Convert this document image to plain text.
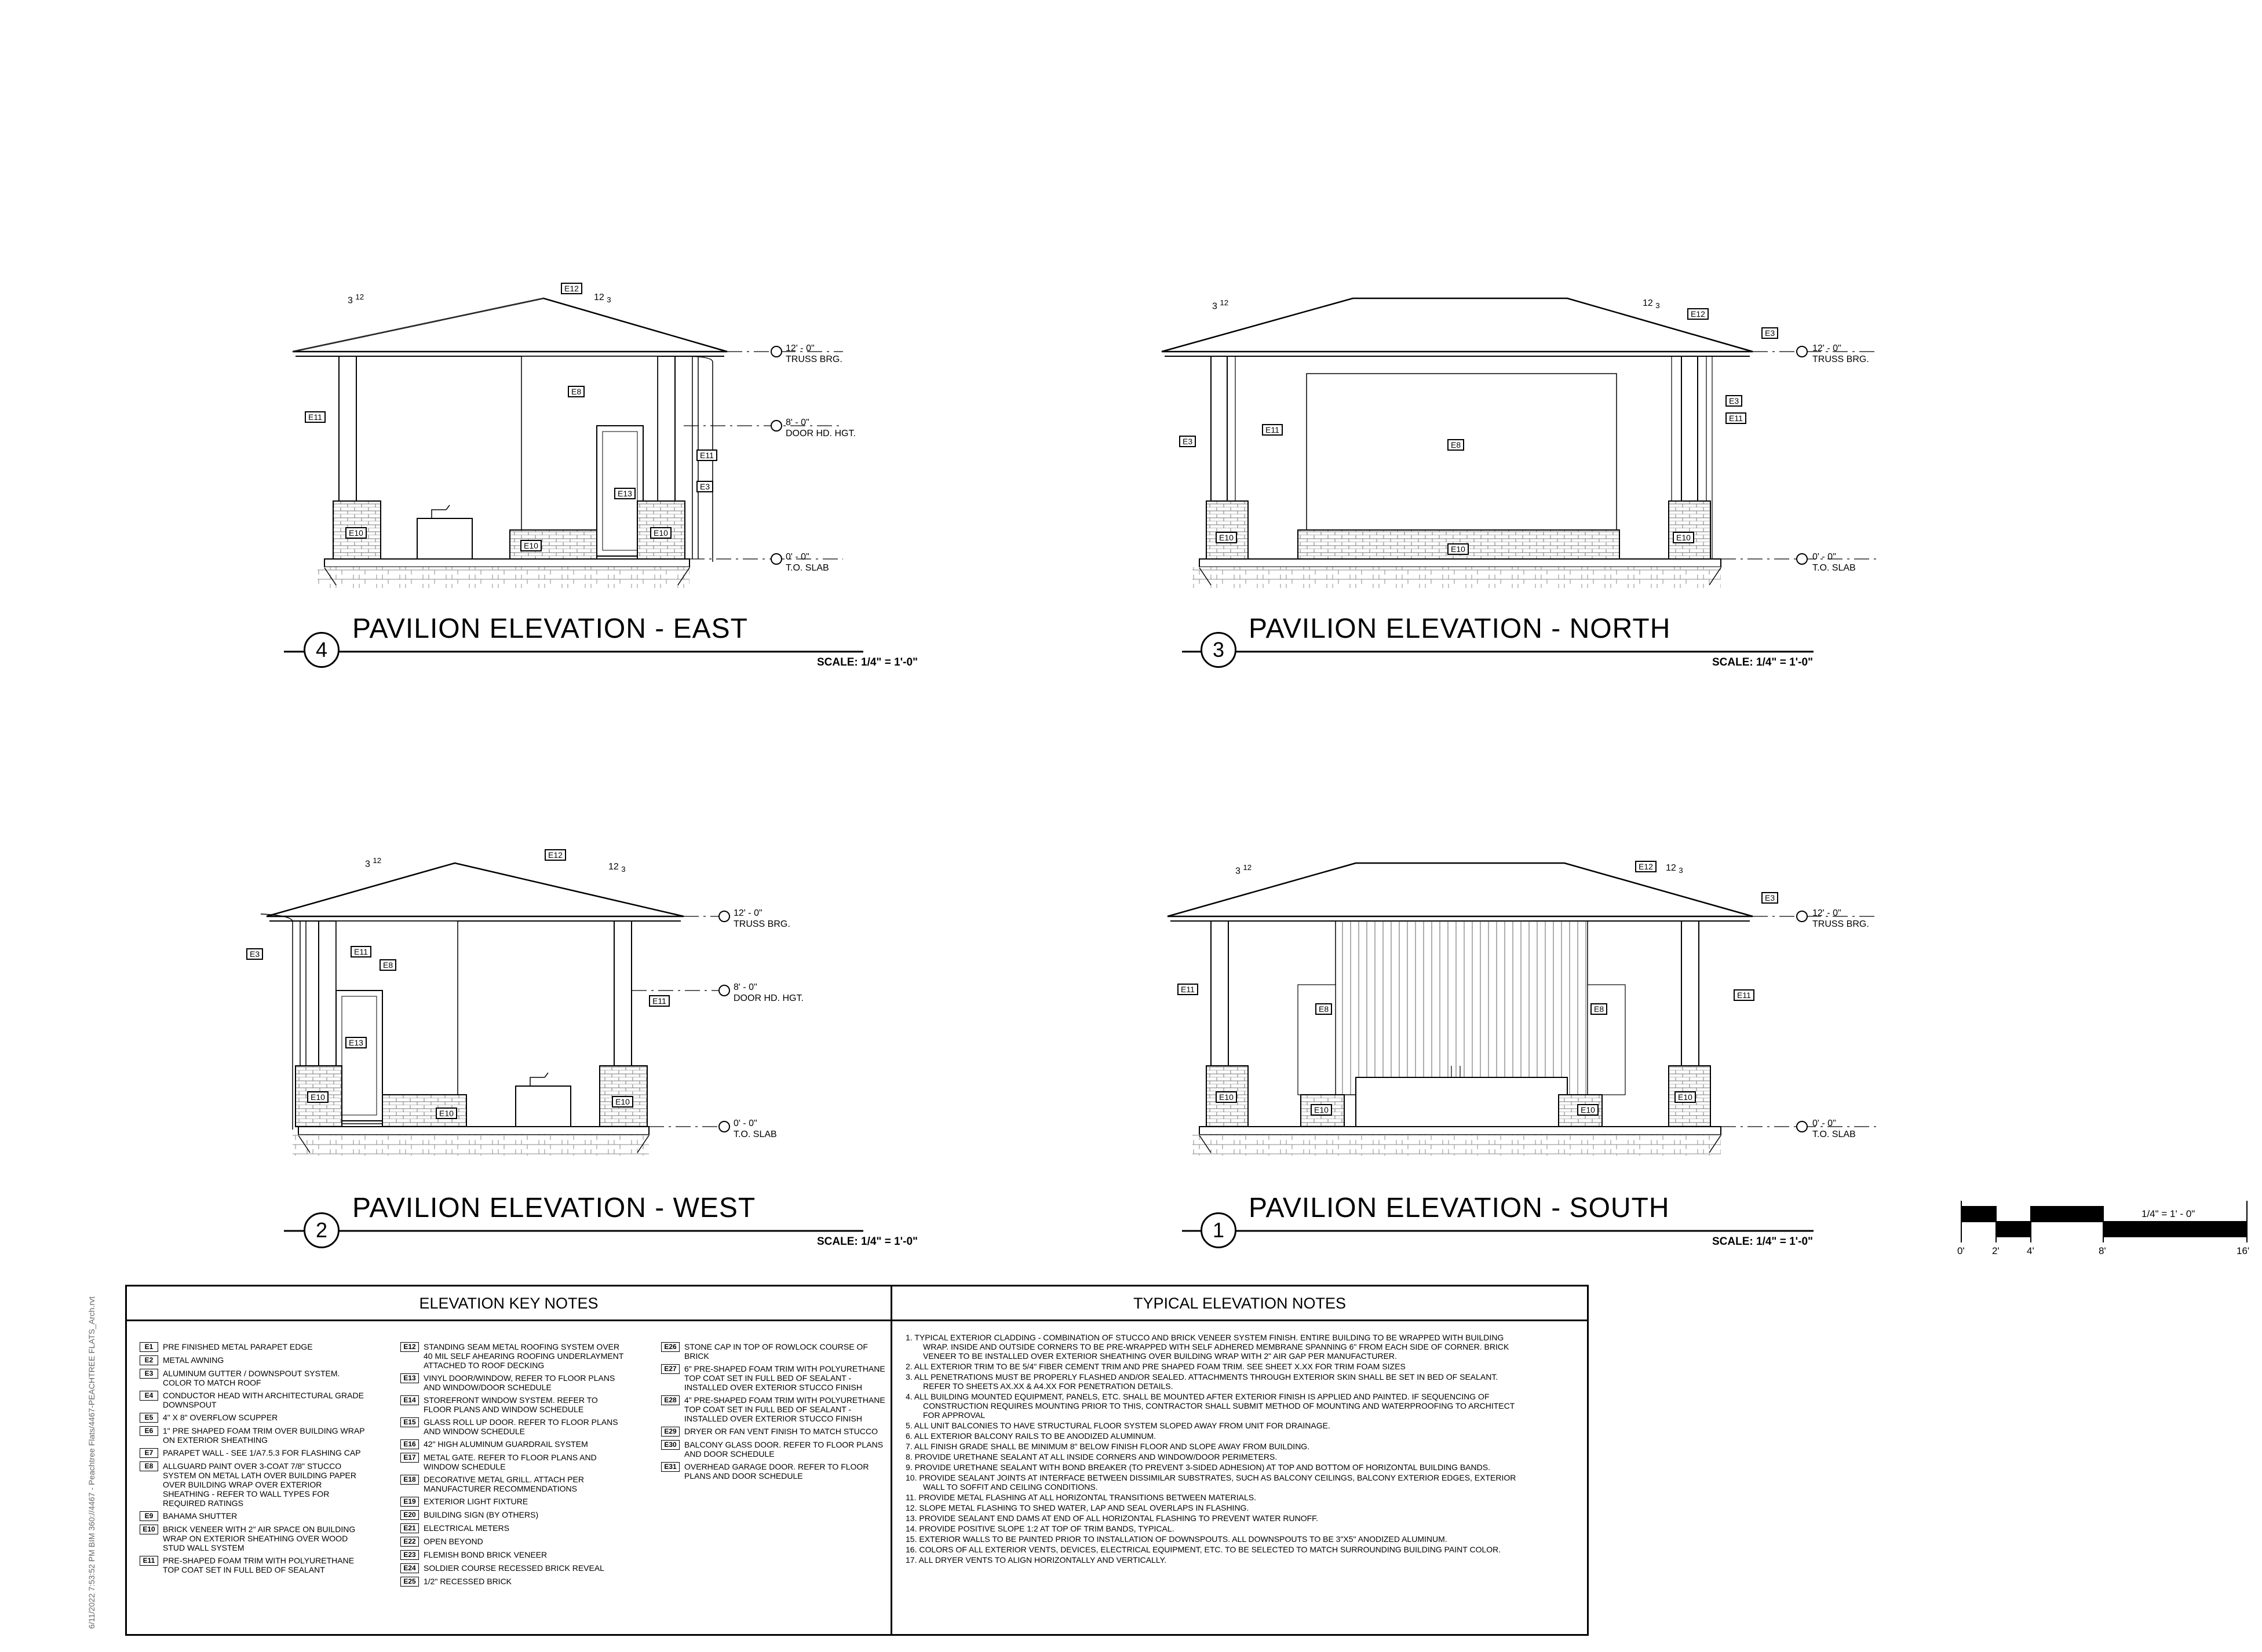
4
PAVILION ELEVATION - EAST
SCALE: 1/4" = 1'-0"
3
PAVILION ELEVATION - NORTH
SCALE: 1/4" = 1'-0"
2
PAVILION ELEVATION - WEST
SCALE: 1/4" = 1'-0"	1
PAVILION ELEVATION - SOUTH
SCALE: 1/4" = 1'-0"
12' - 0"
TRUSS BRG.
8' - 0"
DOOR HD. HGT.
0' - 0"
T.O. SLAB
12' - 0"
TRUSS BRG.
0' - 0"
T.O. SLAB
12' - 0"
TRUSS BRG.
8' - 0"
DOOR HD. HGT.
0' - 0"
T.O. SLAB
12' - 0"
TRUSS BRG.
0' - 0"
T.O. SLAB
3 $^{12}$	12 $_3$
3 $^{12}$	12 $_3$
3 $^{12}$
12 $_3$	3 $^{12}$	12 $_3$
E12
E11
E8
E11
E3
E13
E10
E10
E10
E12
E3
E11
E3
E3
E11
E8
E10
E10
E10
E12
E3	E11
E8
E11
E13
E10
E10
E10
E12
E3
E11
E11
E8	E8
E10
E10	E10
E10
1/4" = 1' - 0"
0'	2'	4'	8'	16'
6/11/2022 7:53:52 PM BIM 360://4467 - Peachtree Flats/4467-PEACHTREE FLATS_Arch.rvt	ELEVATION KEY NOTES	TYPICAL ELEVATION NOTES
E1	PRE FINISHED METAL PARAPET EDGE
E2	METAL AWNING
E3	ALUMINUM GUTTER / DOWNSPOUT SYSTEM. COLOR TO MATCH ROOF
E4	CONDUCTOR HEAD WITH ARCHITECTURAL GRADE DOWNSPOUT
E5	4" X 8" OVERFLOW SCUPPER
E6	1" PRE SHAPED FOAM TRIM OVER BUILDING WRAP ON EXTERIOR SHEATHING
E7	PARAPET WALL - SEE 1/A7.5.3 FOR FLASHING CAP
E8	ALLGUARD PAINT OVER 3-COAT 7/8" STUCCO SYSTEM ON METAL LATH OVER BUILDING PAPER OVER BUILDING WRAP OVER EXTERIOR SHEATHING - REFER TO WALL TYPES FOR REQUIRED RATINGS
E9	BAHAMA SHUTTER
E10 BRICK VENEER WITH 2" AIR SPACE ON BUILDING WRAP ON EXTERIOR SHEATHING OVER WOOD STUD WALL SYSTEM
E11 PRE-SHAPED FOAM TRIM WITH POLYURETHANE TOP COAT SET IN FULL BED OF SEALANT
E12 STANDING SEAM METAL ROOFING SYSTEM OVER 40 MIL SELF AHEARING ROOFING UNDERLAYMENT ATTACHED TO ROOF DECKING
E13 VINYL DOOR/WINDOW, REFER TO FLOOR PLANS AND WINDOW/DOOR SCHEDULE
E14 STOREFRONT WINDOW SYSTEM. REFER TO FLOOR PLANS AND WINDOW SCHEDULE
E15 GLASS ROLL UP DOOR. REFER TO FLOOR PLANS AND WINDOW SCHEDULE
E16 42" HIGH ALUMINUM GUARDRAIL SYSTEM
E17 METAL GATE. REFER TO FLOOR PLANS AND WINDOW SCHEDULE
E18 DECORATIVE METAL GRILL. ATTACH PER MANUFACTURER RECOMMENDATIONS
E19 EXTERIOR LIGHT FIXTURE
E20 BUILDING SIGN (BY OTHERS)
E21 ELECTRICAL METERS
E22 OPEN BEYOND
E23 FLEMISH BOND BRICK VENEER
E24 SOLDIER COURSE RECESSED BRICK REVEAL
E25 1/2" RECESSED BRICK
E26 STONE CAP IN TOP OF ROWLOCK COURSE OF BRICK
E27 6" PRE-SHAPED FOAM TRIM WITH POLYURETHANE TOP COAT SET IN FULL BED OF SEALANT - INSTALLED OVER EXTERIOR STUCCO FINISH
E28 4" PRE-SHAPED FOAM TRIM WITH POLYURETHANE TOP COAT SET IN FULL BED OF SEALANT - INSTALLED OVER EXTERIOR STUCCO FINISH
E29 DRYER OR FAN VENT FINISH TO MATCH STUCCO
E30 BALCONY GLASS DOOR. REFER TO FLOOR PLANS AND DOOR SCHEDULE
E31 OVERHEAD GARAGE DOOR. REFER TO FLOOR PLANS AND DOOR SCHEDULE
1. TYPICAL EXTERIOR CLADDING - COMBINATION OF STUCCO AND BRICK VENEER SYSTEM FINISH. ENTIRE BUILDING TO BE WRAPPED WITH BUILDING WRAP. INSIDE AND OUTSIDE CORNERS TO BE PRE-WRAPPED WITH SELF ADHERED MEMBRANE SPANNING 6" FROM EACH SIDE OF CORNER. BRICK VENEER TO BE INSTALLED OVER EXTERIOR SHEATHING OVER BUILDING WRAP WITH 2" AIR GAP PER MANUFACTURER.
2. ALL EXTERIOR TRIM TO BE 5/4" FIBER CEMENT TRIM AND PRE SHAPED FOAM TRIM. SEE SHEET X.XX FOR TRIM FOAM SIZES
3. ALL PENETRATIONS MUST BE PROPERLY FLASHED AND/OR SEALED. ATTACHMENTS THROUGH EXTERIOR SKIN SHALL BE SET IN BED OF SEALANT. REFER TO SHEETS AX.XX & A4.XX FOR PENETRATION DETAILS.
4. ALL BUILDING MOUNTED EQUIPMENT, PANELS, ETC. SHALL BE MOUNTED AFTER EXTERIOR FINISH IS APPLIED AND PAINTED. IF SEQUENCING OF CONSTRUCTION REQUIRES MOUNTING PRIOR TO THIS, CONTRACTOR SHALL SUBMIT METHOD OF MOUNTING AND WATERPROOFING TO ARCHITECT FOR APPROVAL
5. ALL UNIT BALCONIES TO HAVE STRUCTURAL FLOOR SYSTEM SLOPED AWAY FROM UNIT FOR DRAINAGE.
6. ALL EXTERIOR BALCONY RAILS TO BE ANODIZED ALUMINUM.
7. ALL FINISH GRADE SHALL BE MINIMUM 8" BELOW FINISH FLOOR AND SLOPE AWAY FROM BUILDING.
8. PROVIDE URETHANE SEALANT AT ALL INSIDE CORNERS AND WINDOW/DOOR PERIMETERS.
9. PROVIDE URETHANE SEALANT WITH BOND BREAKER (TO PREVENT 3-SIDED ADHESION) AT TOP AND BOTTOM OF HORIZONTAL BUILDING BANDS.
10. PROVIDE SEALANT JOINTS AT INTERFACE BETWEEN DISSIMILAR SUBSTRATES, SUCH AS BALCONY CEILINGS, BALCONY EXTERIOR EDGES, EXTERIOR WALL TO SOFFIT AND CEILING CONDITIONS.
11. PROVIDE METAL FLASHING AT ALL HORIZONTAL TRANSITIONS BETWEEN MATERIALS.
12. SLOPE METAL FLASHING TO SHED WATER, LAP AND SEAL OVERLAPS IN FLASHING.
13. PROVIDE SEALANT END DAMS AT END OF ALL HORIZONTAL FLASHING TO PREVENT WATER RUNOFF.
14. PROVIDE POSITIVE SLOPE 1:2 AT TOP OF TRIM BANDS, TYPICAL.
15. EXTERIOR WALLS TO BE PAINTED PRIOR TO INSTALLATION OF DOWNSPOUTS. ALL DOWNSPOUTS TO BE 3"X5" ANODIZED ALUMINUM.
16. COLORS OF ALL EXTERIOR VENTS, DEVICES, ELECTRICAL EQUIPMENT, ETC. TO BE SELECTED TO MATCH SURROUNDING BUILDING PAINT COLOR.
17. ALL DRYER VENTS TO ALIGN HORIZONTALLY AND VERTICALLY.
